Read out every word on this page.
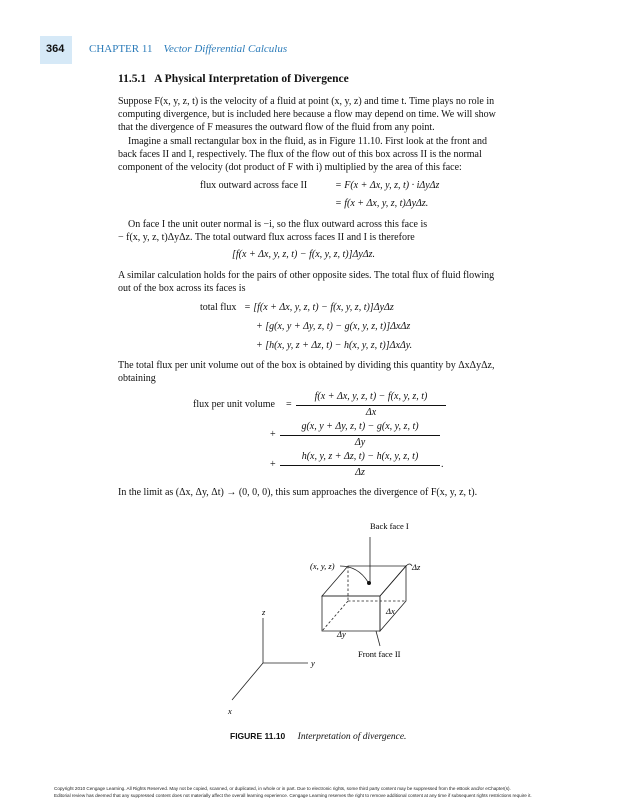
364 CHAPTER 11 Vector Differential Calculus
11.5.1 A Physical Interpretation of Divergence
Suppose F(x, y, z, t) is the velocity of a fluid at point (x, y, z) and time t. Time plays no role in
computing divergence, but is included here because a flow may depend on time. We will show
that the divergence of F measures the outward flow of the fluid from any point.
Imagine a small rectangular box in the fluid, as in Figure 11.10. First look at the front and
back faces II and I, respectively. The flux of the flow out of this box across II is the normal
component of the velocity (dot product of F with i) multiplied by the area of this face:
flux outward across face II	= F(x + Δx, y, z, t) · iΔyΔz
= f(x + Δx, y, z, t)ΔyΔz.
On face I the unit outer normal is −i, so the flux outward across this face is
− f(x, y, z, t)ΔyΔz. The total outward flux across faces II and I is therefore
[f(x + Δx, y, z, t) − f(x, y, z, t)]ΔyΔz.
A similar calculation holds for the pairs of other opposite sides. The total flux of fluid flowing
out of the box across its faces is
total flux = [f(x + Δx, y, z, t) − f(x, y, z, t)]ΔyΔz
+ [g(x, y + Δy, z, t) − g(x, y, z, t)]ΔxΔz
+ [h(x, y, z + Δz, t) − h(x, y, z, t)]ΔxΔy.
The total flux per unit volume out of the box is obtained by dividing this quantity by ΔxΔyΔz,
obtaining
flux per unit volume =
f(x + Δx, y, z, t) − f(x, y, z, t)
Δx
+
g(x, y + Δy, z, t) − g(x, y, z, t)
Δy
+
h(x, y, z + Δz, t) − h(x, y, z, t)
Δz
.
In the limit as (Δx, Δy, Δt) → (0, 0, 0), this sum approaches the divergence of F(x, y, z, t).
Back face I
(x, y, z)	Δz
Δx
Δy
Front face II
z
y
x
FIGURE 11.10 Interpretation of divergence.
Copyright 2010 Cengage Learning. All Rights Reserved. May not be copied, scanned, or duplicated, in whole or in part. Due to electronic rights, some third party content may be suppressed from the eBook and/or eChapter(s).
Editorial review has deemed that any suppressed content does not materially affect the overall learning experience. Cengage Learning reserves the right to remove additional content at any time if subsequent rights restrictions require it.
